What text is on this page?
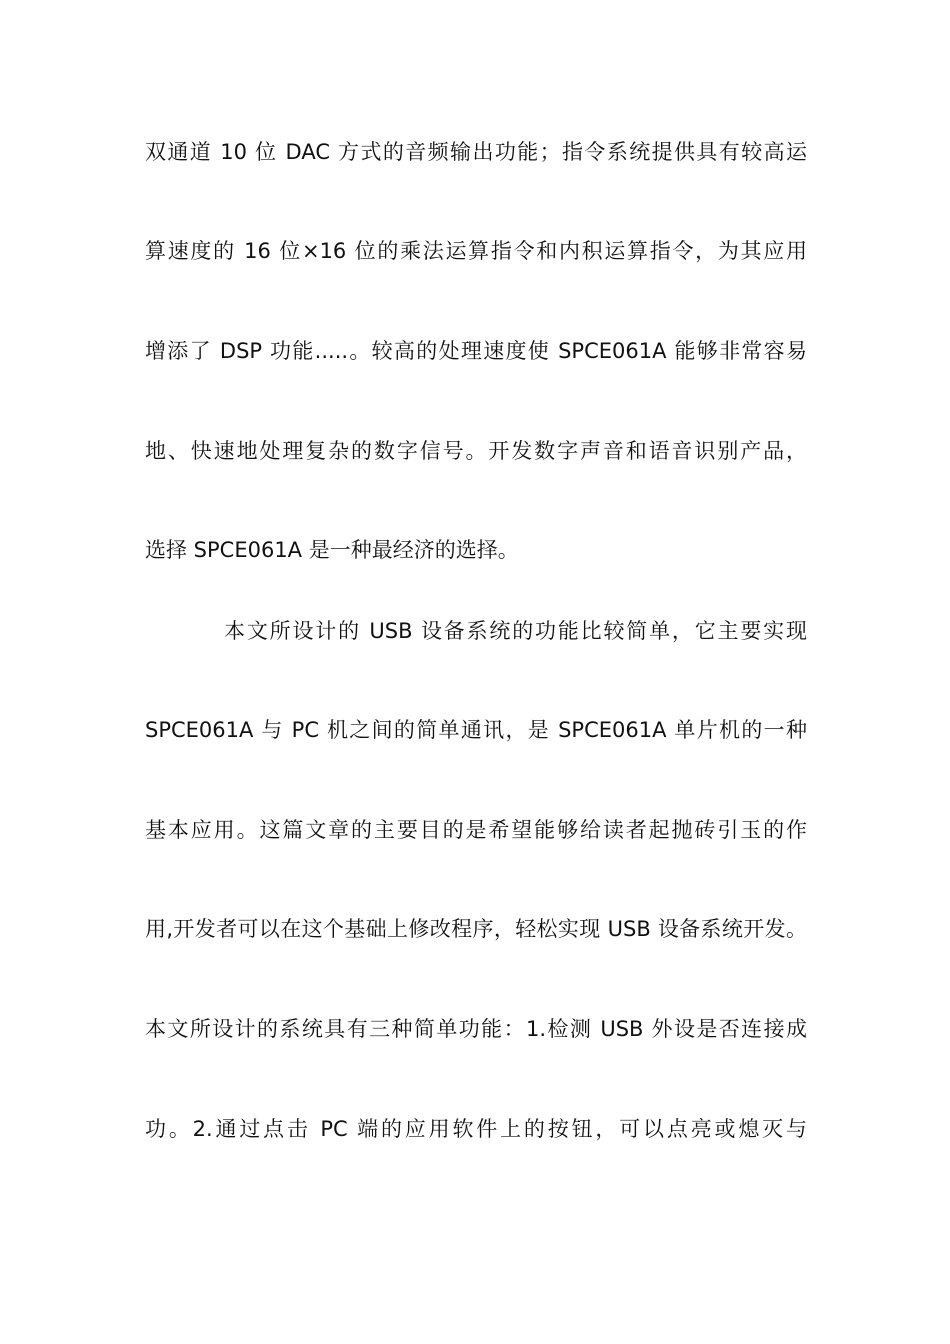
双通道 10 位 DAC 方式的音频输出功能；指令系统提供具有较高运
算速度的 16 位×16 位的乘法运算指令和内积运算指令，为其应用
增添了 DSP 功能.....。较高的处理速度使 SPCE061A 能够非常容易
地、快速地处理复杂的数字信号。开发数字声音和语音识别产品，
选择 SPCE061A 是一种最经济的选择。
本文所设计的 USB 设备系统的功能比较简单，它主要实现
SPCE061A 与 PC 机之间的简单通讯，是 SPCE061A 单片机的一种
基本应用。这篇文章的主要目的是希望能够给读者起抛砖引玉的作
用,开发者可以在这个基础上修改程序，轻松实现 USB 设备系统开发。
本文所设计的系统具有三种简单功能：1.检测 USB 外设是否连接成
功。2.通过点击 PC 端的应用软件上的按钮，可以点亮或熄灭与
